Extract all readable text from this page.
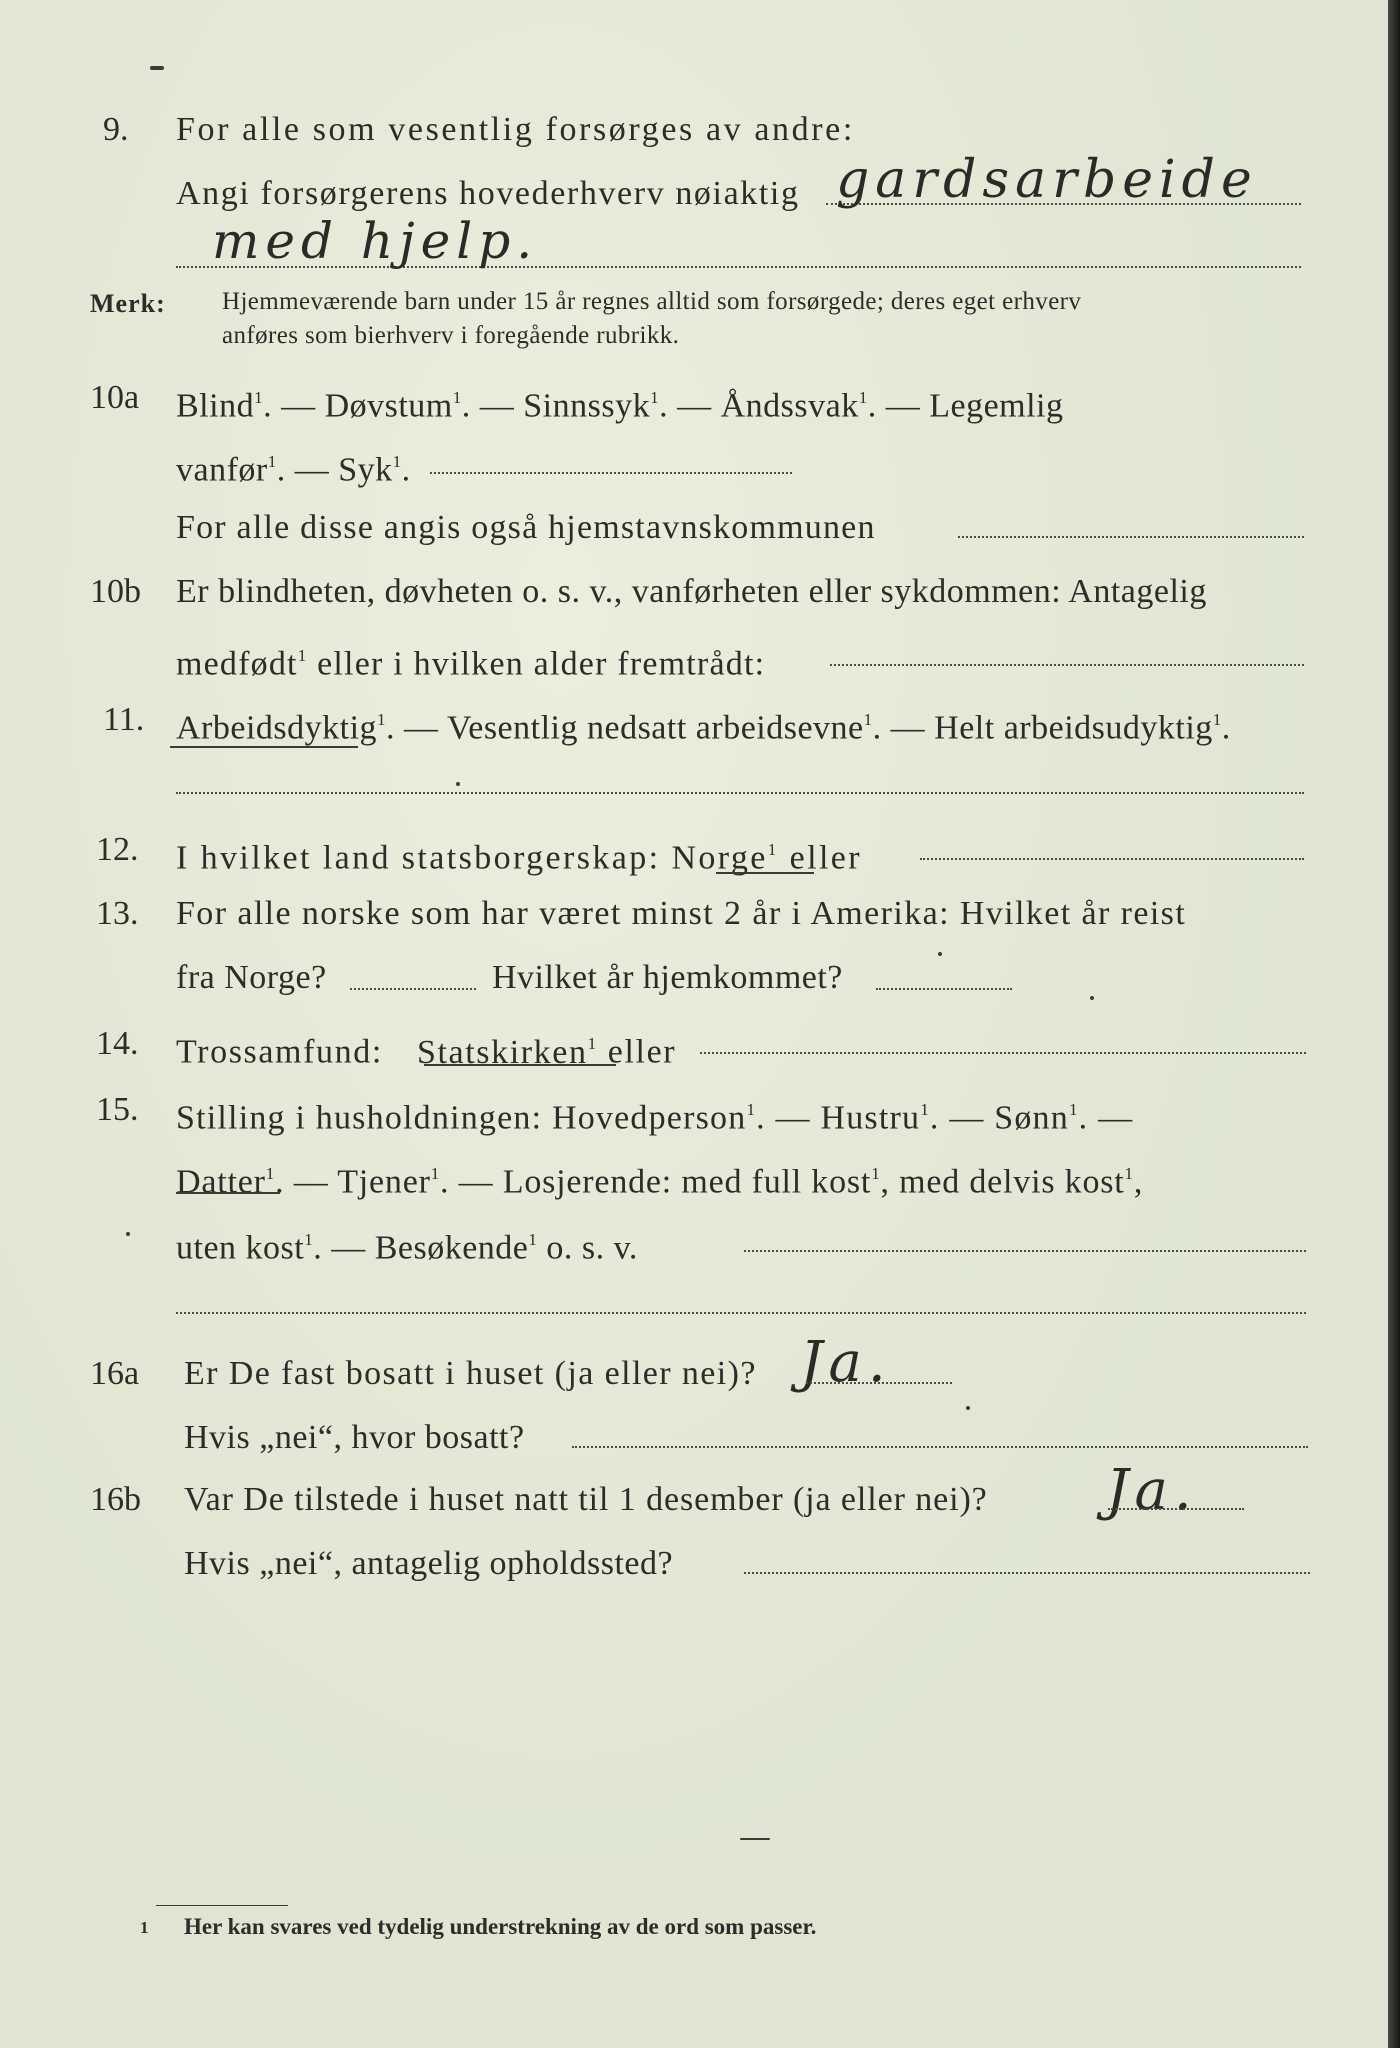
9. For alle som vesentlig forsørges av andre:
Angi forsørgerens hovederhverv nøiaktig gardsarbeide
med hjelp.
Merk: Hjemmeværende barn under 15 år regnes alltid som forsørgede; deres eget erhverv
anføres som bierhverv i foregående rubrikk.
10a Blind$^1$. — Døvstum$^1$. — Sinnssyk$^1$. — Åndssvak$^1$. — Legemlig
vanfør$^1$. — Syk$^1$.
For alle disse angis også hjemstavnskommunen
10b Er blindheten, døvheten o. s. v., vanførheten eller sykdommen: Antagelig
medfødt$^1$ eller i hvilken alder fremtrådt:
11. Arbeidsdyktig$^1$. — Vesentlig nedsatt arbeidsevne$^1$. — Helt arbeidsudyktig$^1$.
12. I hvilket land statsborgerskap: Norge$^1$ eller
13. For alle norske som har været minst 2 år i Amerika: Hvilket år reist
fra Norge?	Hvilket år hjemkommet?
14. Trossamfund: Statskirken$^1$ eller
15. Stilling i husholdningen: Hovedperson$^1$. — Hustru$^1$. — Sønn$^1$. —
Datter$^1$. — Tjener$^1$. — Losjerende: med full kost$^1$, med delvis kost$^1$,
uten kost$^1$. — Besøkende$^1$ o. s. v.
16a Er De fast bosatt i huset (ja eller nei)? Ja.
Hvis „nei“, hvor bosatt?
16b Var De tilstede i huset natt til 1 desember (ja eller nei)? Ja.
Hvis „nei“, antagelig opholdssted?
1 Her kan svares ved tydelig understrekning av de ord som passer.
